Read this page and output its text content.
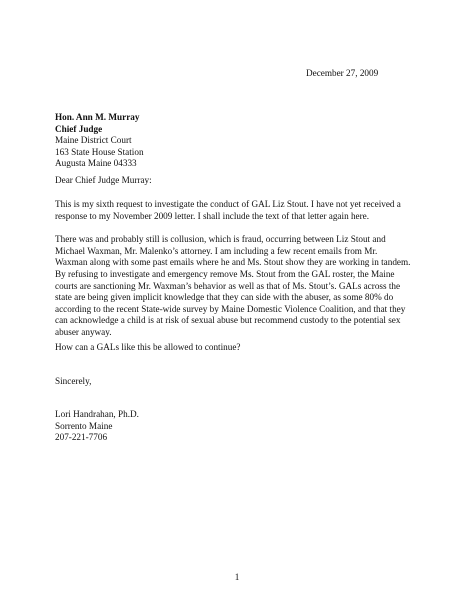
December 27, 2009
Hon. Ann M. Murray
Chief Judge
Maine District Court
163 State House Station
Augusta Maine 04333

Dear Chief Judge Murray:

This is my sixth request to investigate the conduct of GAL Liz Stout. I have not yet received a
response to my November 2009 letter. I shall include the text of that letter again here.

There was and probably still is collusion, which is fraud, occurring between Liz Stout and
Michael Waxman, Mr. Malenko’s attorney. I am including a few recent emails from Mr.
Waxman along with some past emails where he and Ms. Stout show they are working in tandem.

By refusing to investigate and emergency remove Ms. Stout from the GAL roster, the Maine
courts are sanctioning Mr. Waxman’s behavior as well as that of Ms. Stout’s. GALs across the
state are being given implicit knowledge that they can side with the abuser, as some 80% do
according to the recent State-wide survey by Maine Domestic Violence Coalition, and that they
can acknowledge a child is at risk of sexual abuse but recommend custody to the potential sex
abuser anyway.

How can a GALs like this be allowed to continue?

Sincerely,

Lori Handrahan, Ph.D.
Sorrento Maine
207-221-7706
1
